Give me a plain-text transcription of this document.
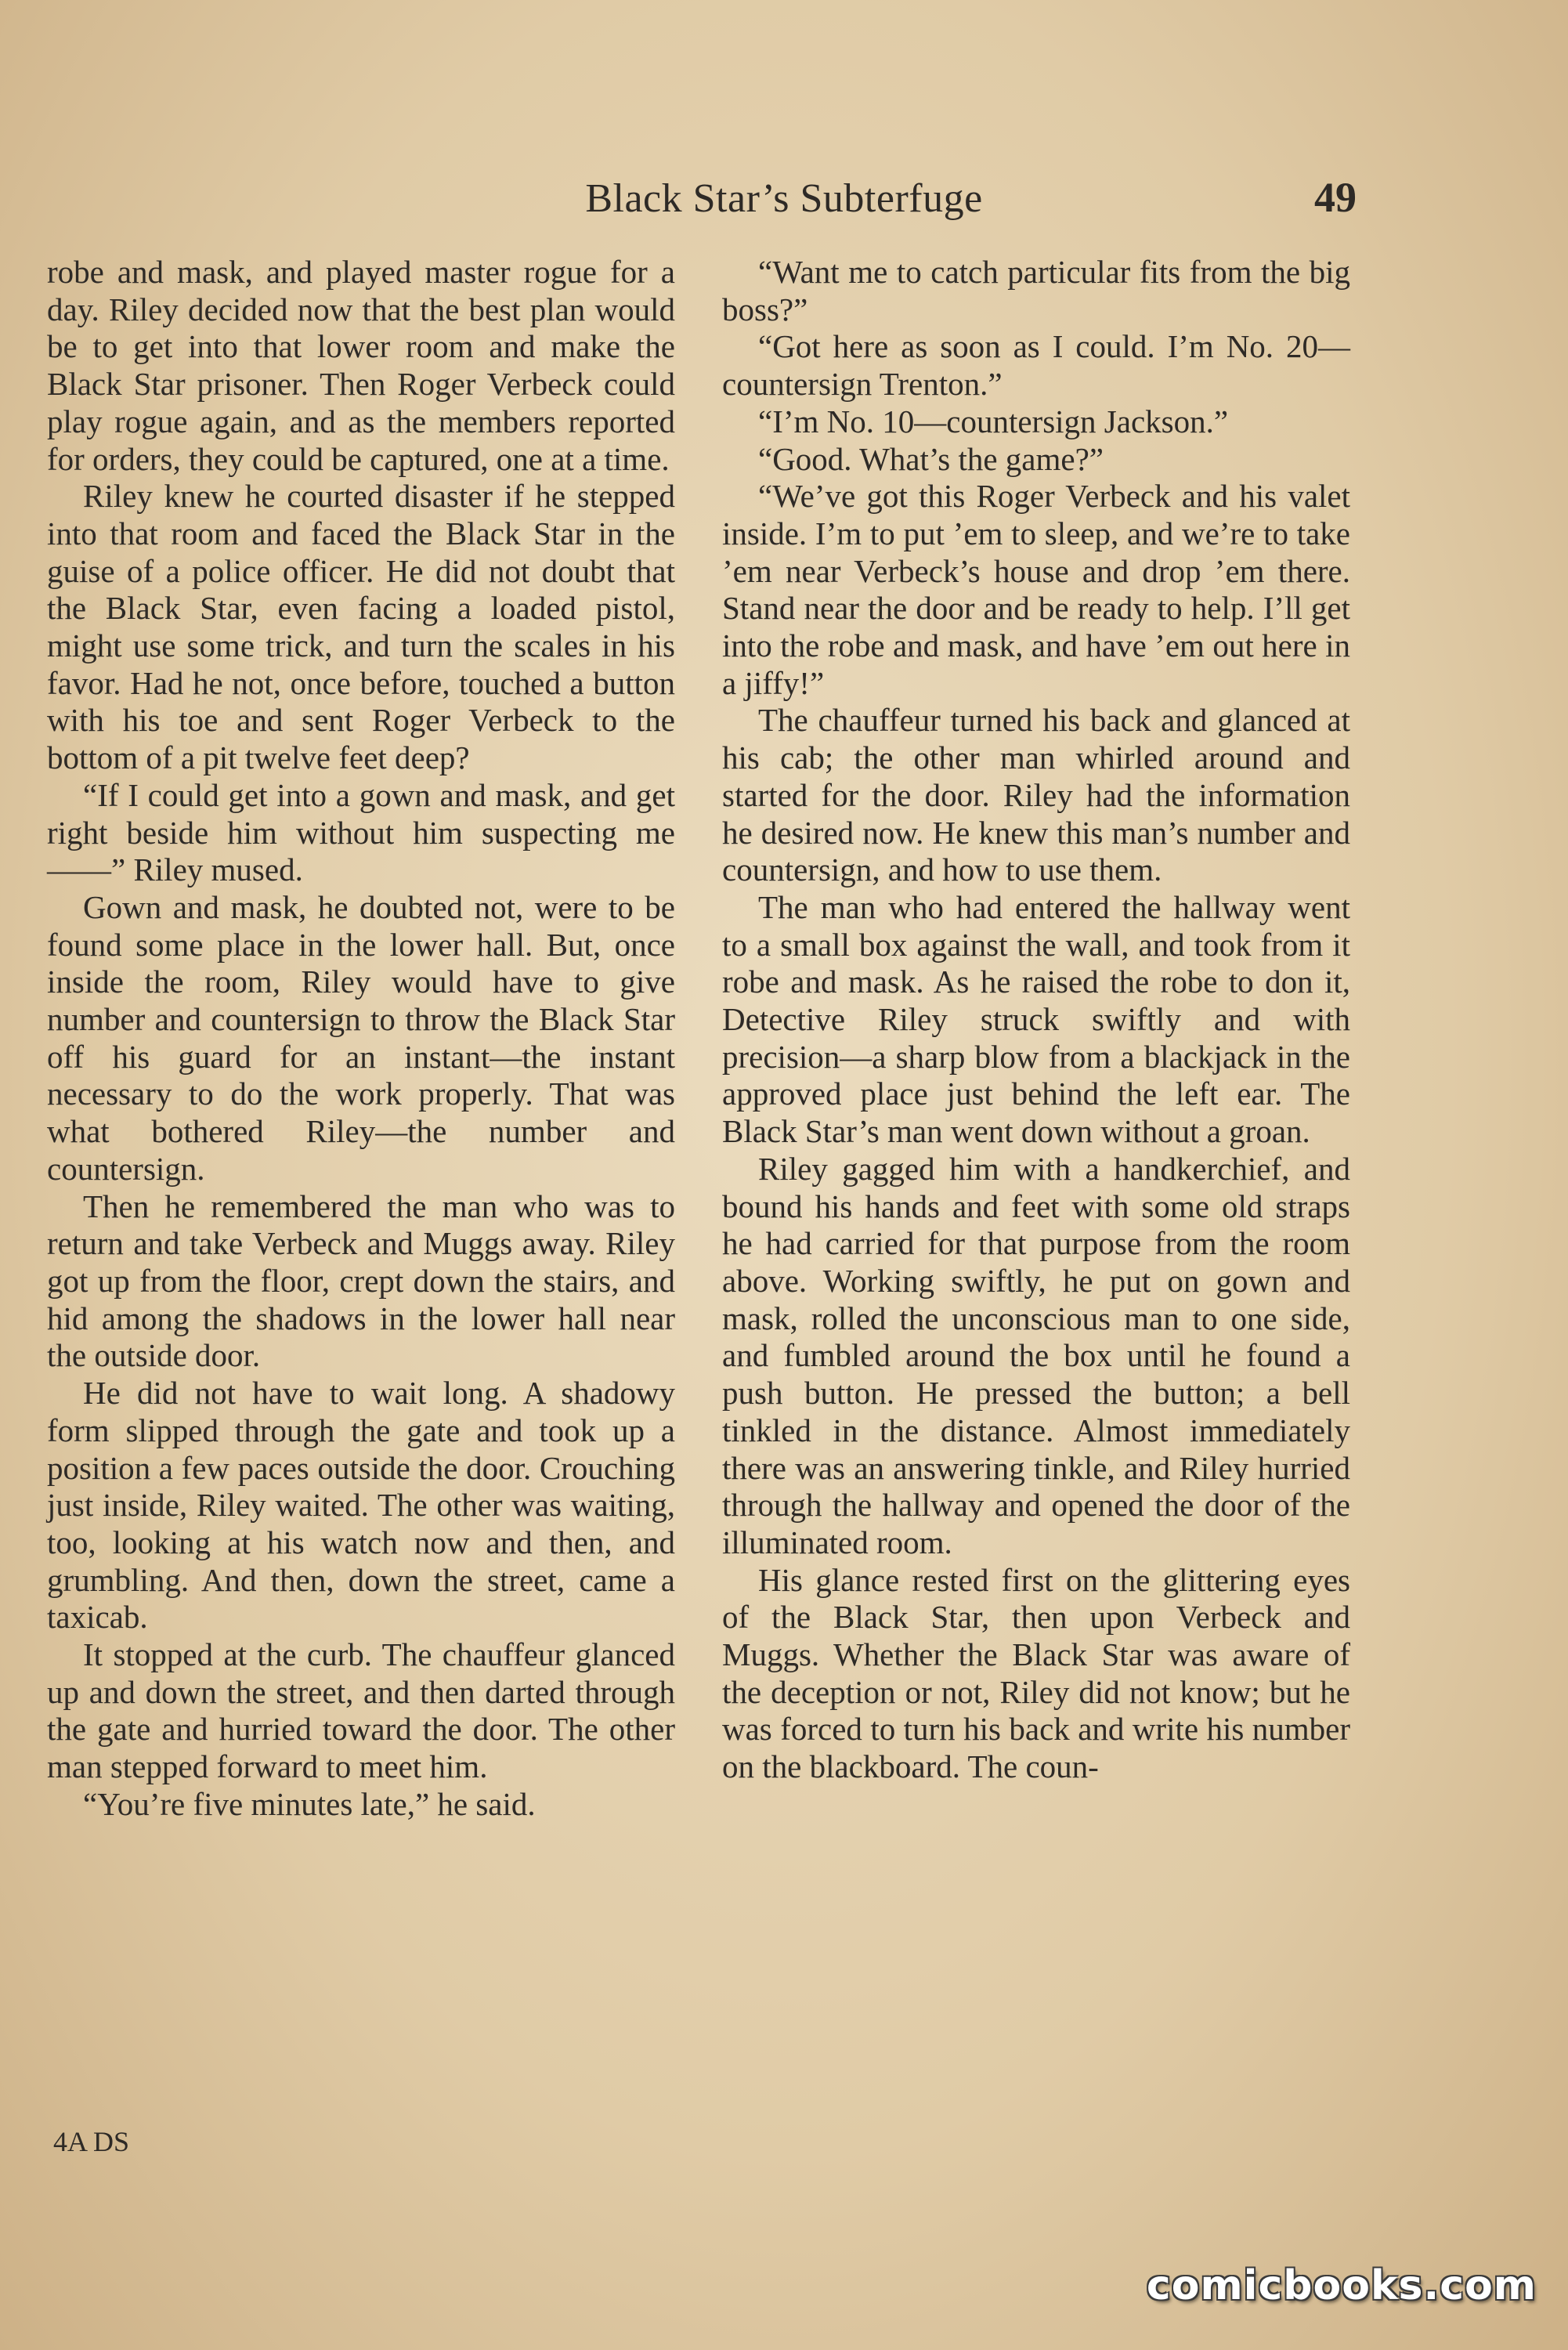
Black Star’s Subterfuge	49

robe and mask, and played master rogue for a day. Riley decided now that the best plan would be to get into that lower room and make the Black Star prisoner. Then Roger Verbeck could play rogue again, and as the members reported for orders, they could be captured, one at a time.

Riley knew he courted disaster if he stepped into that room and faced the Black Star in the guise of a police officer. He did not doubt that the Black Star, even facing a loaded pistol, might use some trick, and turn the scales in his favor. Had he not, once before, touched a button with his toe and sent Roger Verbeck to the bottom of a pit twelve feet deep?

“If I could get into a gown and mask, and get right beside him without him suspecting me——” Riley mused.

Gown and mask, he doubted not, were to be found some place in the lower hall. But, once inside the room, Riley would have to give number and countersign to throw the Black Star off his guard for an instant—the instant necessary to do the work properly. That was what bothered Riley—the number and countersign.

Then he remembered the man who was to return and take Verbeck and Muggs away. Riley got up from the floor, crept down the stairs, and hid among the shadows in the lower hall near the outside door.

He did not have to wait long. A shadowy form slipped through the gate and took up a position a few paces outside the door. Crouching just inside, Riley waited. The other was waiting, too, looking at his watch now and then, and grumbling. And then, down the street, came a taxicab.

It stopped at the curb. The chauffeur glanced up and down the street, and then darted through the gate and hurried toward the door. The other man stepped forward to meet him.

“You’re five minutes late,” he said.

“Want me to catch particular fits from the big boss?”

“Got here as soon as I could. I’m No. 20—countersign Trenton.”

“I’m No. 10—countersign Jackson.”

“Good. What’s the game?”

“We’ve got this Roger Verbeck and his valet inside. I’m to put ’em to sleep, and we’re to take ’em near Verbeck’s house and drop ’em there. Stand near the door and be ready to help. I’ll get into the robe and mask, and have ’em out here in a jiffy!”

The chauffeur turned his back and glanced at his cab; the other man whirled around and started for the door. Riley had the information he desired now. He knew this man’s number and countersign, and how to use them.

The man who had entered the hallway went to a small box against the wall, and took from it robe and mask. As he raised the robe to don it, Detective Riley struck swiftly and with precision—a sharp blow from a blackjack in the approved place just behind the left ear. The Black Star’s man went down without a groan.

Riley gagged him with a handkerchief, and bound his hands and feet with some old straps he had carried for that purpose from the room above. Working swiftly, he put on gown and mask, rolled the unconscious man to one side, and fumbled around the box until he found a push button. He pressed the button; a bell tinkled in the distance. Almost immediately there was an answering tinkle, and Riley hurried through the hallway and opened the door of the illuminated room.

His glance rested first on the glittering eyes of the Black Star, then upon Verbeck and Muggs. Whether the Black Star was aware of the deception or not, Riley did not know; but he was forced to turn his back and write his number on the blackboard. The coun-

4A DS
comicbooks.com
